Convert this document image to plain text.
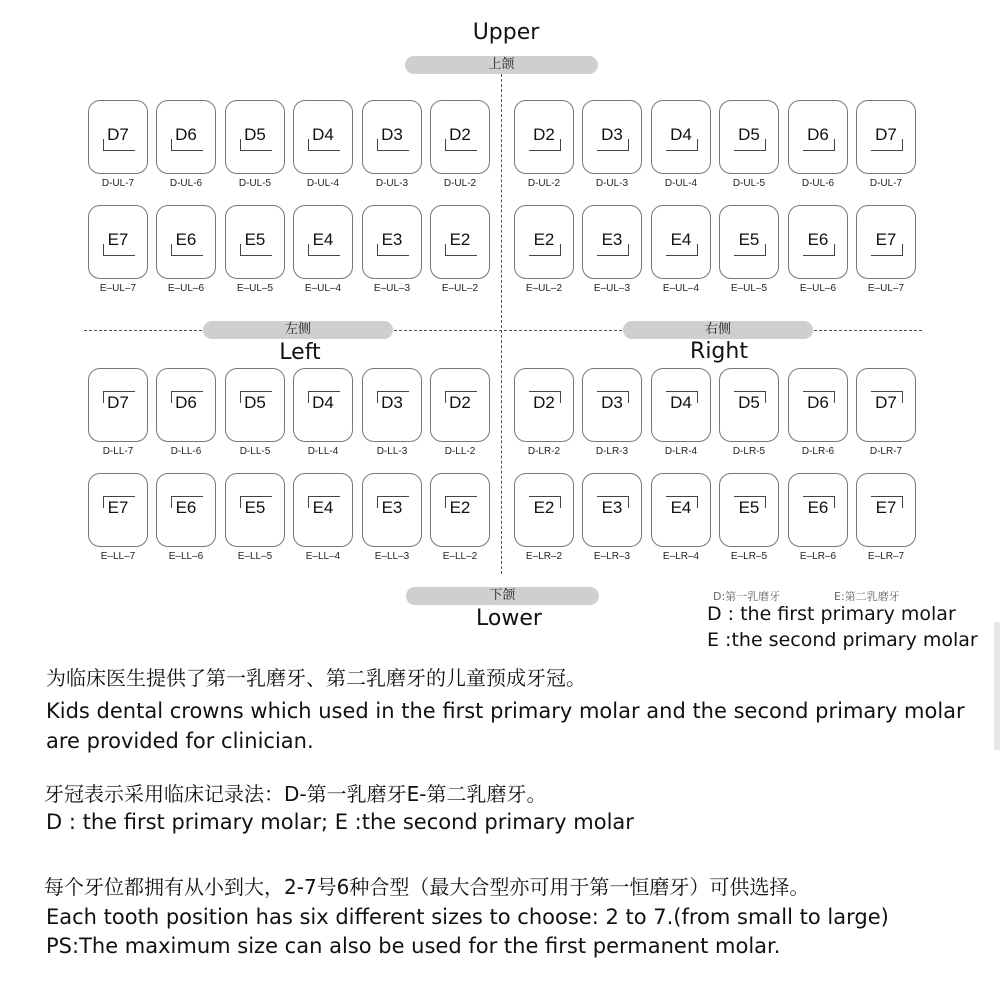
Upper
上颌
左侧
Left
右侧
Right
下颌
Lower
D7
D-UL-7
D6
D-UL-6
D5
D-UL-5
D4
D-UL-4
D3
D-UL-3
D2
D-UL-2
D2
D-UL-2
D3
D-UL-3
D4
D-UL-4
D5
D-UL-5
D6
D-UL-6
D7
D-UL-7
E7
E–UL–7
E6
E–UL–6
E5
E–UL–5
E4
E–UL–4
E3
E–UL–3
E2
E–UL–2
E2
E–UL–2
E3
E–UL–3
E4
E–UL–4
E5
E–UL–5
E6
E–UL–6
E7
E–UL–7
D7
D-LL-7
D6
D-LL-6
D5
D-LL-5
D4
D-LL-4
D3
D-LL-3
D2
D-LL-2
D2
D-LR-2
D3
D-LR-3
D4
D-LR-4
D5
D-LR-5
D6
D-LR-6
D7
D-LR-7
E7
E–LL–7
E6
E–LL–6
E5
E–LL–5
E4
E–LL–4
E3
E–LL–3
E2
E–LL–2
E2
E–LR–2
E3
E–LR–3
E4
E–LR–4
E5
E–LR–5
E6
E–LR–6
E7
E–LR–7
D:第一乳磨牙	E:第二乳磨牙
D : the first primary molar
E :the second primary molar
为临床医生提供了第一乳磨牙、第二乳磨牙的儿童预成牙冠。
Kids dental crowns which used in the first primary molar and the second primary molar are provided for clinician.
牙冠表示采用临床记录法：D-第一乳磨牙E-第二乳磨牙。
D : the first primary molar; E :the second primary molar
每个牙位都拥有从小到大，2-7号6种合型（最大合型亦可用于第一恒磨牙）可供选择。
Each tooth position has six different sizes to choose: 2 to 7.(from small to large)
PS:The maximum size can also be used for the first permanent molar.
